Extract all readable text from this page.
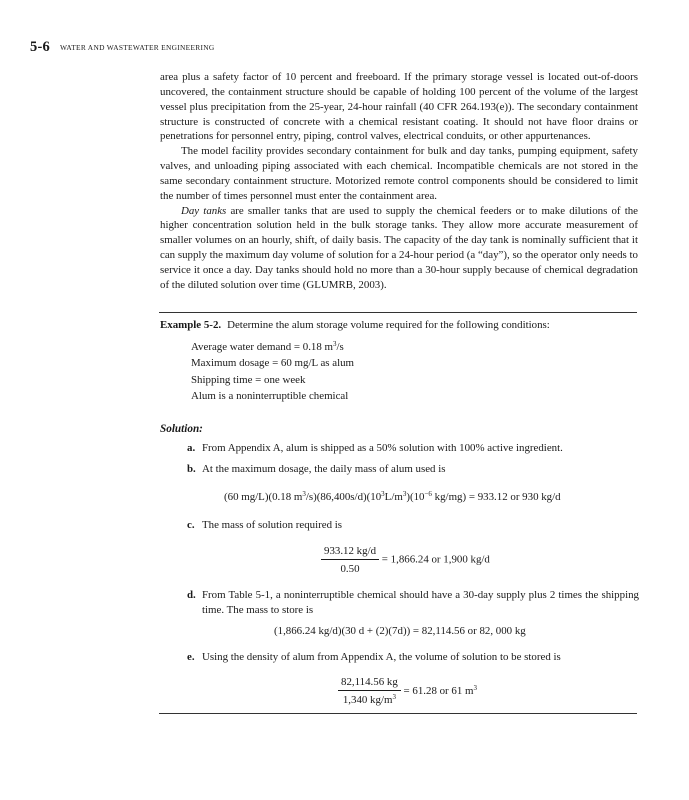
5-6 WATER AND WASTEWATER ENGINEERING

area plus a safety factor of 10 percent and freeboard. If the primary storage vessel is located out-of-doors uncovered, the containment structure should be capable of holding 100 percent of the volume of the largest vessel plus precipitation from the 25-year, 24-hour rainfall (40 CFR 264.193(e)). The secondary containment structure is constructed of concrete with a chemical resistant coating. It should not have floor drains or penetrations for personnel entry, piping, control valves, electrical conduits, or other appurtenances.

The model facility provides secondary containment for bulk and day tanks, pumping equipment, safety valves, and unloading piping associated with each chemical. Incompatible chemicals are not stored in the same secondary containment structure. Motorized remote control components should be considered to limit the number of times personnel must enter the containment area.

Day tanks are smaller tanks that are used to supply the chemical feeders or to make dilutions of the higher concentration solution held in the bulk storage tanks. They allow more accurate measurement of smaller volumes on an hourly, shift, of daily basis. The capacity of the day tank is nominally sufficient that it can supply the maximum day volume of solution for a 24-hour period (a “day”), so the operator only needs to service it once a day. Day tanks should hold no more than a 30-hour supply because of chemical degradation of the diluted solution over time (GLUMRB, 2003).

Example 5-2. Determine the alum storage volume required for the following conditions:
Average water demand = 0.18 $m^3/s$
Maximum dosage = 60 mg/L as alum
Shipping time = one week
Alum is a noninterruptible chemical
Solution:
a. From Appendix A, alum is shipped as a 50% solution with 100% active ingredient.
b. At the maximum dosage, the daily mass of alum used is
(60 mg/L)(0.18 $m^3/s)(86,400s/d)(10^3L/m^3)(10^{-6}$ kg/mg) = 933.12 or 930 kg/d
c. The mass of solution required is
$\frac{933.12 kg/d}{0.50} = 1,866.24$ or 1,900 kg/d
d. From Table 5-1, a noninterruptible chemical should have a 30-day supply plus 2 times the shipping time. The mass to store is
(1,866.24 kg/d)(30 d + (2)(7d)) = 82,114.56 or 82, 000 kg
e. Using the density of alum from Appendix A, the volume of solution to be stored is
$\frac{82,114.56 kg}{1,340 kg/m^3} = 61.28$ or 61 $m^3$
